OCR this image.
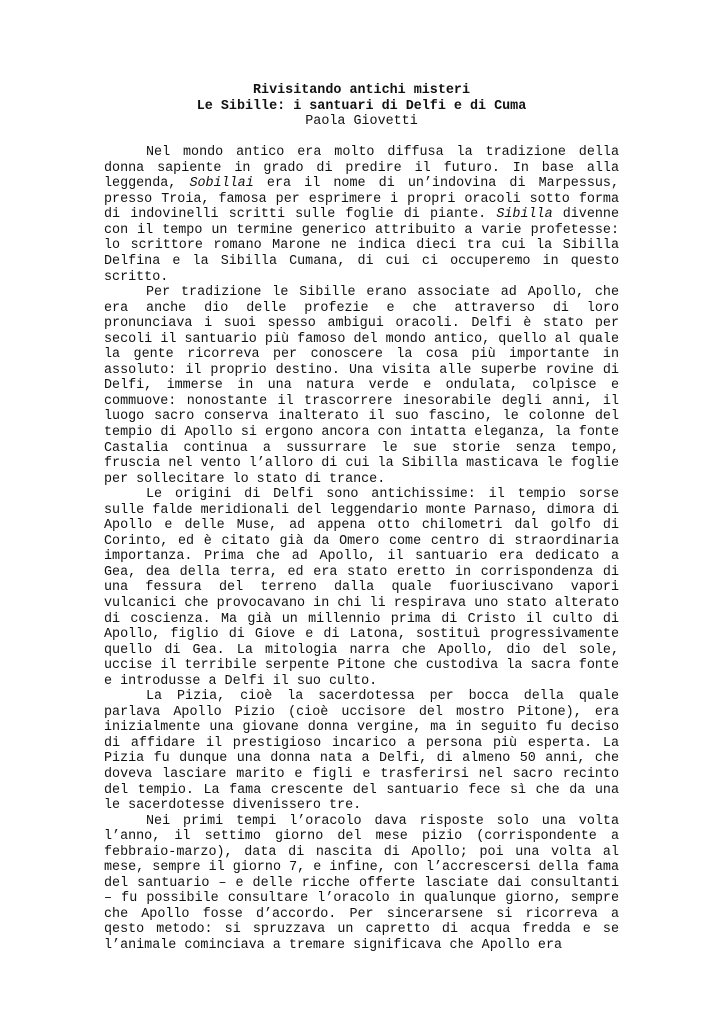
Rivisitando antichi misteri
Le Sibille: i santuari di Delfi e di Cuma
Paola Giovetti

Nel mondo antico era molto diffusa la tradizione della donna sapiente in grado di predire il futuro. In base alla leggenda, Sobillai era il nome di un’indovina di Marpessus, presso Troia, famosa per esprimere i propri oracoli sotto forma di indovinelli scritti sulle foglie di piante. Sibilla divenne con il tempo un termine generico attribuito a varie profetesse: lo scrittore romano Marone ne indica dieci tra cui la Sibilla Delfina e la Sibilla Cumana, di cui ci occuperemo in questo scritto.

Per tradizione le Sibille erano associate ad Apollo, che era anche dio delle profezie e che attraverso di loro pronunciava i suoi spesso ambigui oracoli. Delfi è stato per secoli il santuario più famoso del mondo antico, quello al quale la gente ricorreva per conoscere la cosa più importante in assoluto: il proprio destino. Una visita alle superbe rovine di Delfi, immerse in una natura verde e ondulata, colpisce e commuove: nonostante il trascorrere inesorabile degli anni, il luogo sacro conserva inalterato il suo fascino, le colonne del tempio di Apollo si ergono ancora con intatta eleganza, la fonte Castalia continua a sussurrare le sue storie senza tempo, fruscia nel vento l’alloro di cui la Sibilla masticava le foglie per sollecitare lo stato di trance.

Le origini di Delfi sono antichissime: il tempio sorse sulle falde meridionali del leggendario monte Parnaso, dimora di Apollo e delle Muse, ad appena otto chilometri dal golfo di Corinto, ed è citato già da Omero come centro di straordinaria importanza. Prima che ad Apollo, il santuario era dedicato a Gea, dea della terra, ed era stato eretto in corrispondenza di una fessura del terreno dalla quale fuoriuscivano vapori vulcanici che provocavano in chi li respirava uno stato alterato di coscienza. Ma già un millennio prima di Cristo il culto di Apollo, figlio di Giove e di Latona, sostituì progressivamente quello di Gea. La mitologia narra che Apollo, dio del sole, uccise il terribile serpente Pitone che custodiva la sacra fonte e introdusse a Delfi il suo culto.

La Pizia, cioè la sacerdotessa per bocca della quale parlava Apollo Pizio (cioè uccisore del mostro Pitone), era inizialmente una giovane donna vergine, ma in seguito fu deciso di affidare il prestigioso incarico a persona più esperta. La Pizia fu dunque una donna nata a Delfi, di almeno 50 anni, che doveva lasciare marito e figli e trasferirsi nel sacro recinto del tempio. La fama crescente del santuario fece sì che da una le sacerdotesse divenissero tre.

Nei primi tempi l’oracolo dava risposte solo una volta l’anno, il settimo giorno del mese pizio (corrispondente a febbraio-marzo), data di nascita di Apollo; poi una volta al mese, sempre il giorno 7, e infine, con l’accrescersi della fama del santuario – e delle ricche offerte lasciate dai consultanti – fu possibile consultare l’oracolo in qualunque giorno, sempre che Apollo fosse d’accordo. Per sincerarsene si ricorreva a qesto metodo: si spruzzava un capretto di acqua fredda e se l’animale cominciava a tremare significava che Apollo era
